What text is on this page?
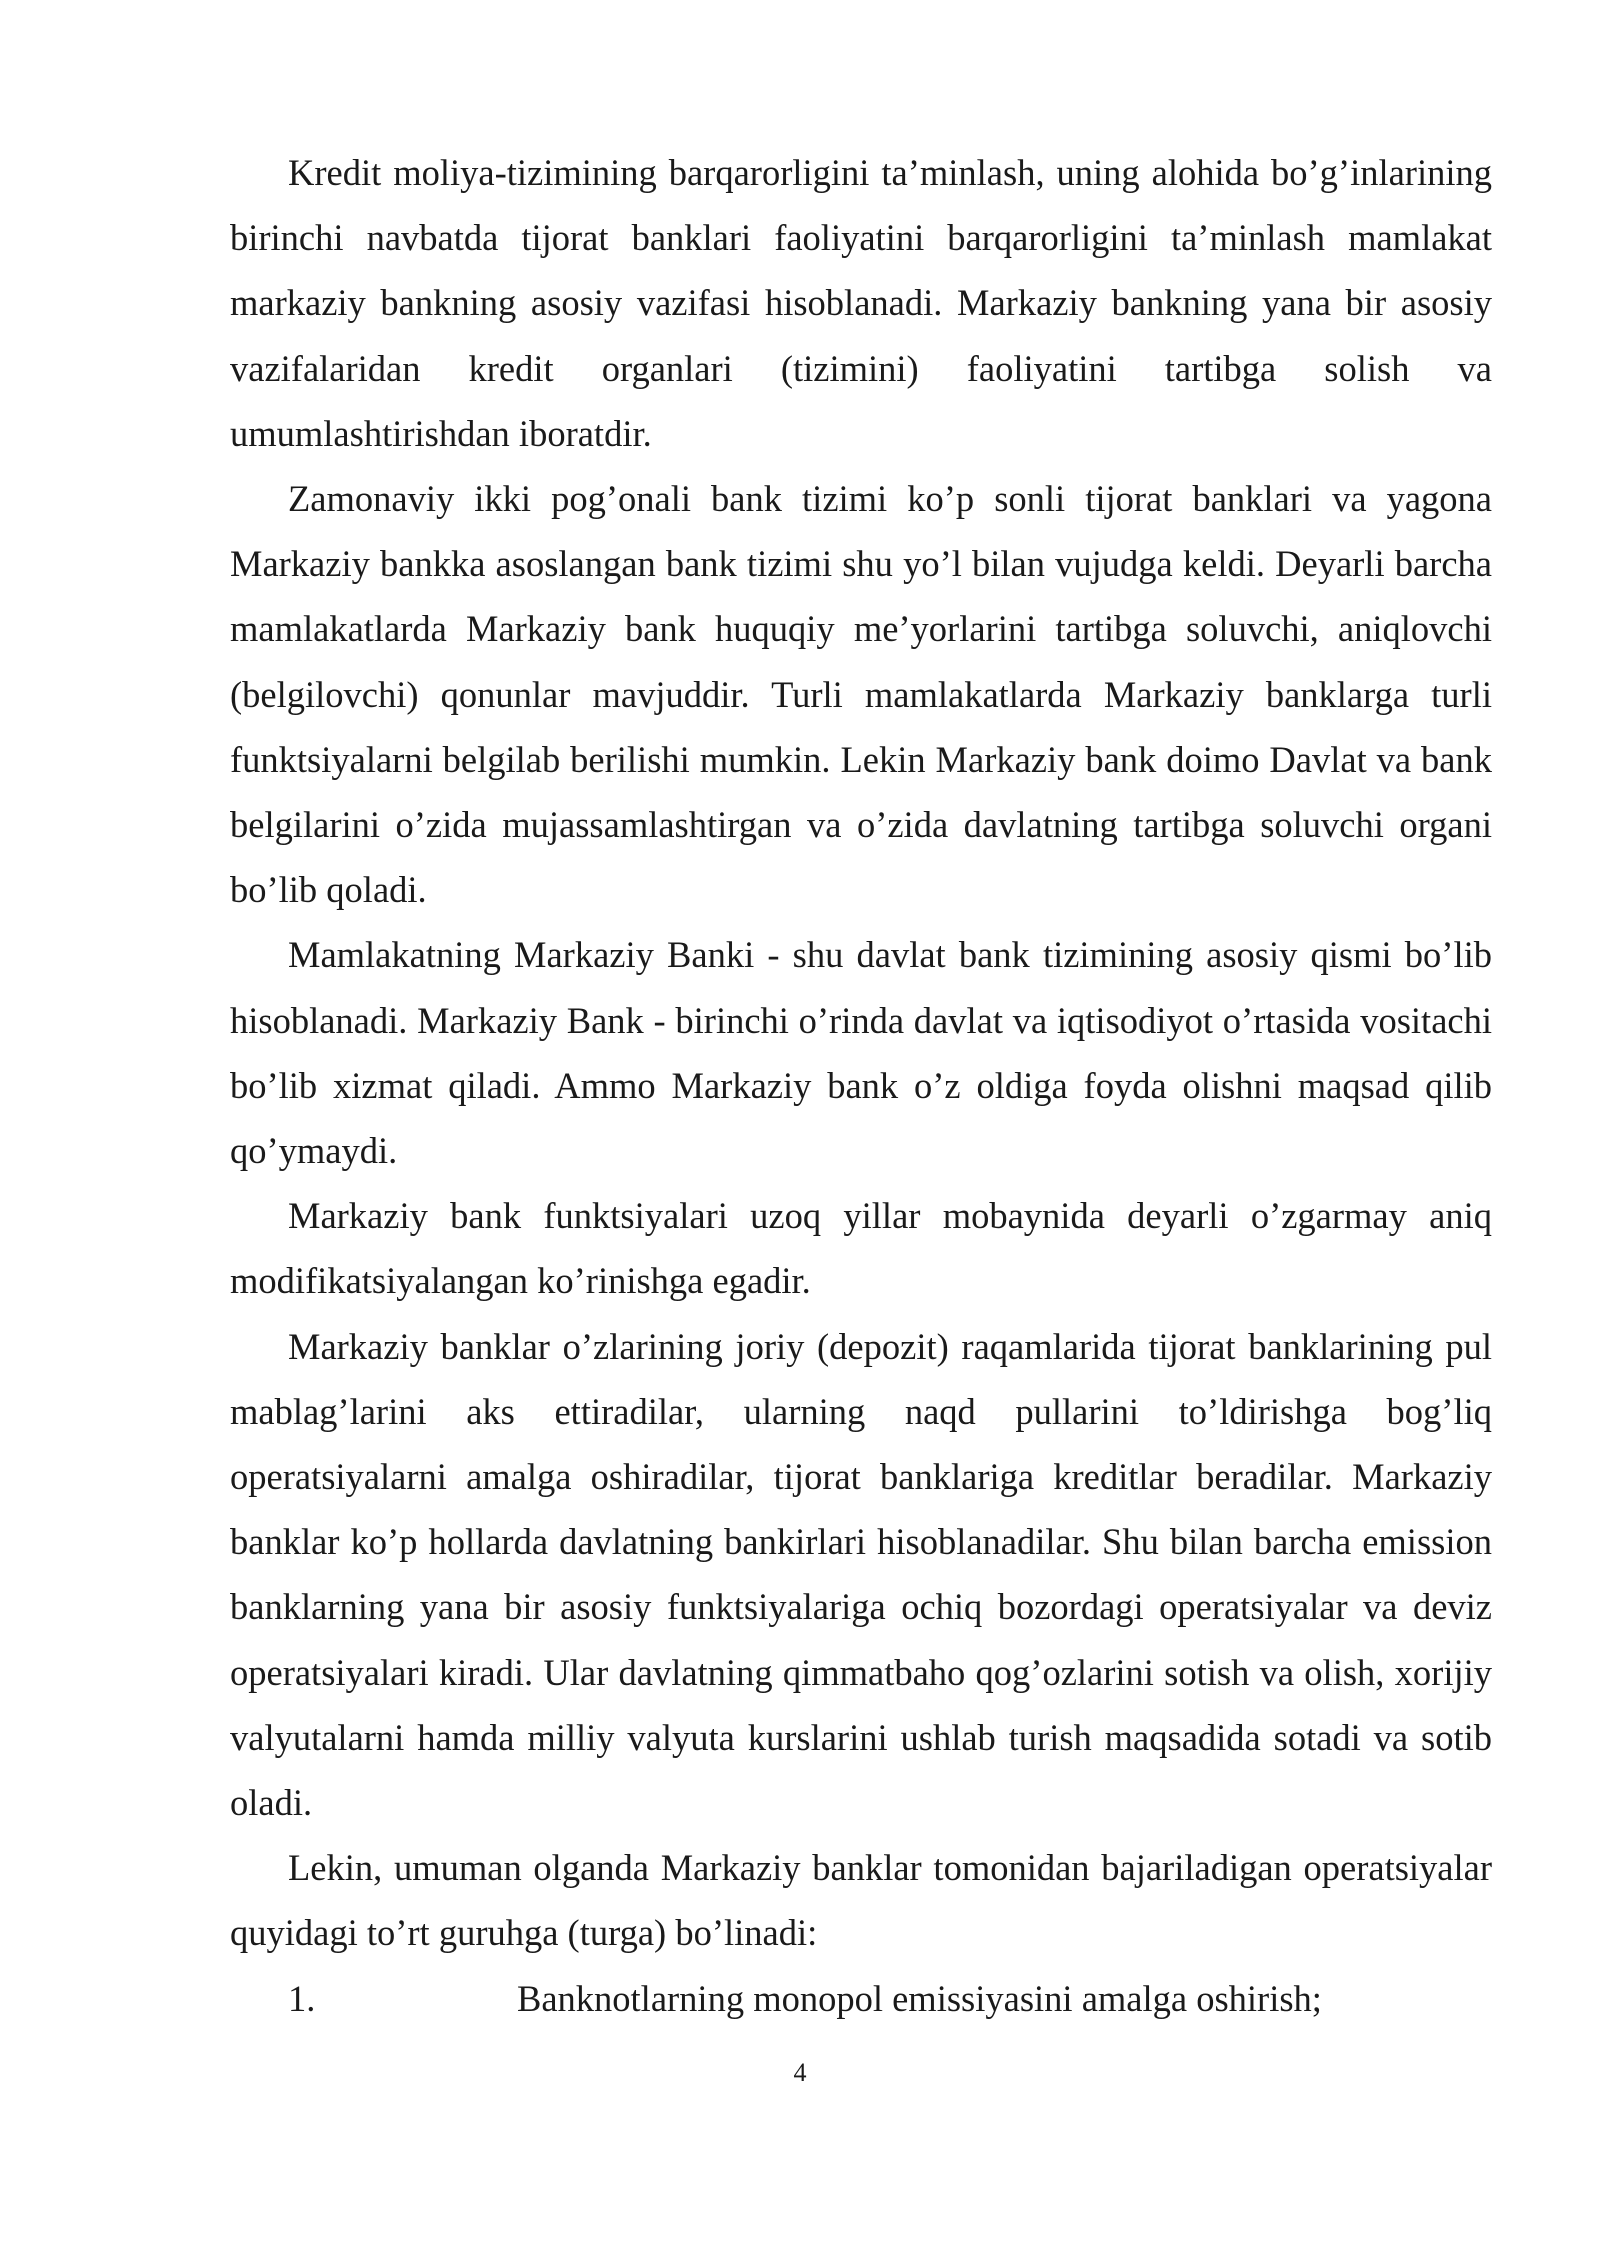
Kredit moliya-tizimining barqarorligini ta’minlash, uning alohida bo’g’inlarining birinchi navbatda tijorat banklari faoliyatini barqarorligini ta’minlash mamlakat markaziy bankning asosiy vazifasi hisoblanadi. Markaziy bankning yana bir asosiy vazifalaridan kredit organlari (tizimini) faoliyatini tartibga solish va umumlashtirishdan iboratdir.

Zamonaviy ikki pog’onali bank tizimi ko’p sonli tijorat banklari va yagona Markaziy bankka asoslangan bank tizimi shu yo’l bilan vujudga keldi. Deyarli barcha mamlakatlarda Markaziy bank huquqiy me’yorlarini tartibga soluvchi, aniqlovchi (belgilovchi) qonunlar mavjuddir. Turli mamlakatlarda Markaziy banklarga turli funktsiyalarni belgilab berilishi mumkin. Lekin Markaziy bank doimo Davlat va bank belgilarini o’zida mujassamlashtirgan va o’zida davlatning tartibga soluvchi organi bo’lib qoladi.

Mamlakatning Markaziy Banki - shu davlat bank tizimining asosiy qismi bo’lib hisoblanadi. Markaziy Bank - birinchi o’rinda davlat va iqtisodiyot o’rtasida vositachi bo’lib xizmat qiladi. Ammo Markaziy bank o’z oldiga foyda olishni maqsad qilib qo’ymaydi.

Markaziy bank funktsiyalari uzoq yillar mobaynida deyarli o’zgarmay aniq modifikatsiyalangan ko’rinishga egadir.

Markaziy banklar o’zlarining joriy (depozit) raqamlarida tijorat banklarining pul mablag’larini aks ettiradilar, ularning naqd pullarini to’ldirishga bog’liq operatsiyalarni amalga oshiradilar, tijorat banklariga kreditlar beradilar. Markaziy banklar ko’p hollarda davlatning bankirlari hisoblanadilar. Shu bilan barcha emission banklarning yana bir asosiy funktsiyalariga ochiq bozordagi operatsiyalar va deviz operatsiyalari kiradi. Ular davlatning qimmatbaho qog’ozlarini sotish va olish, xorijiy valyutalarni hamda milliy valyuta kurslarini ushlab turish maqsadida sotadi va sotib oladi.

Lekin, umuman olganda Markaziy banklar tomonidan bajariladigan operatsiyalar quyidagi to’rt guruhga (turga) bo’linadi:

1.	Banknotlarning monopol emissiyasini amalga oshirish;
4
